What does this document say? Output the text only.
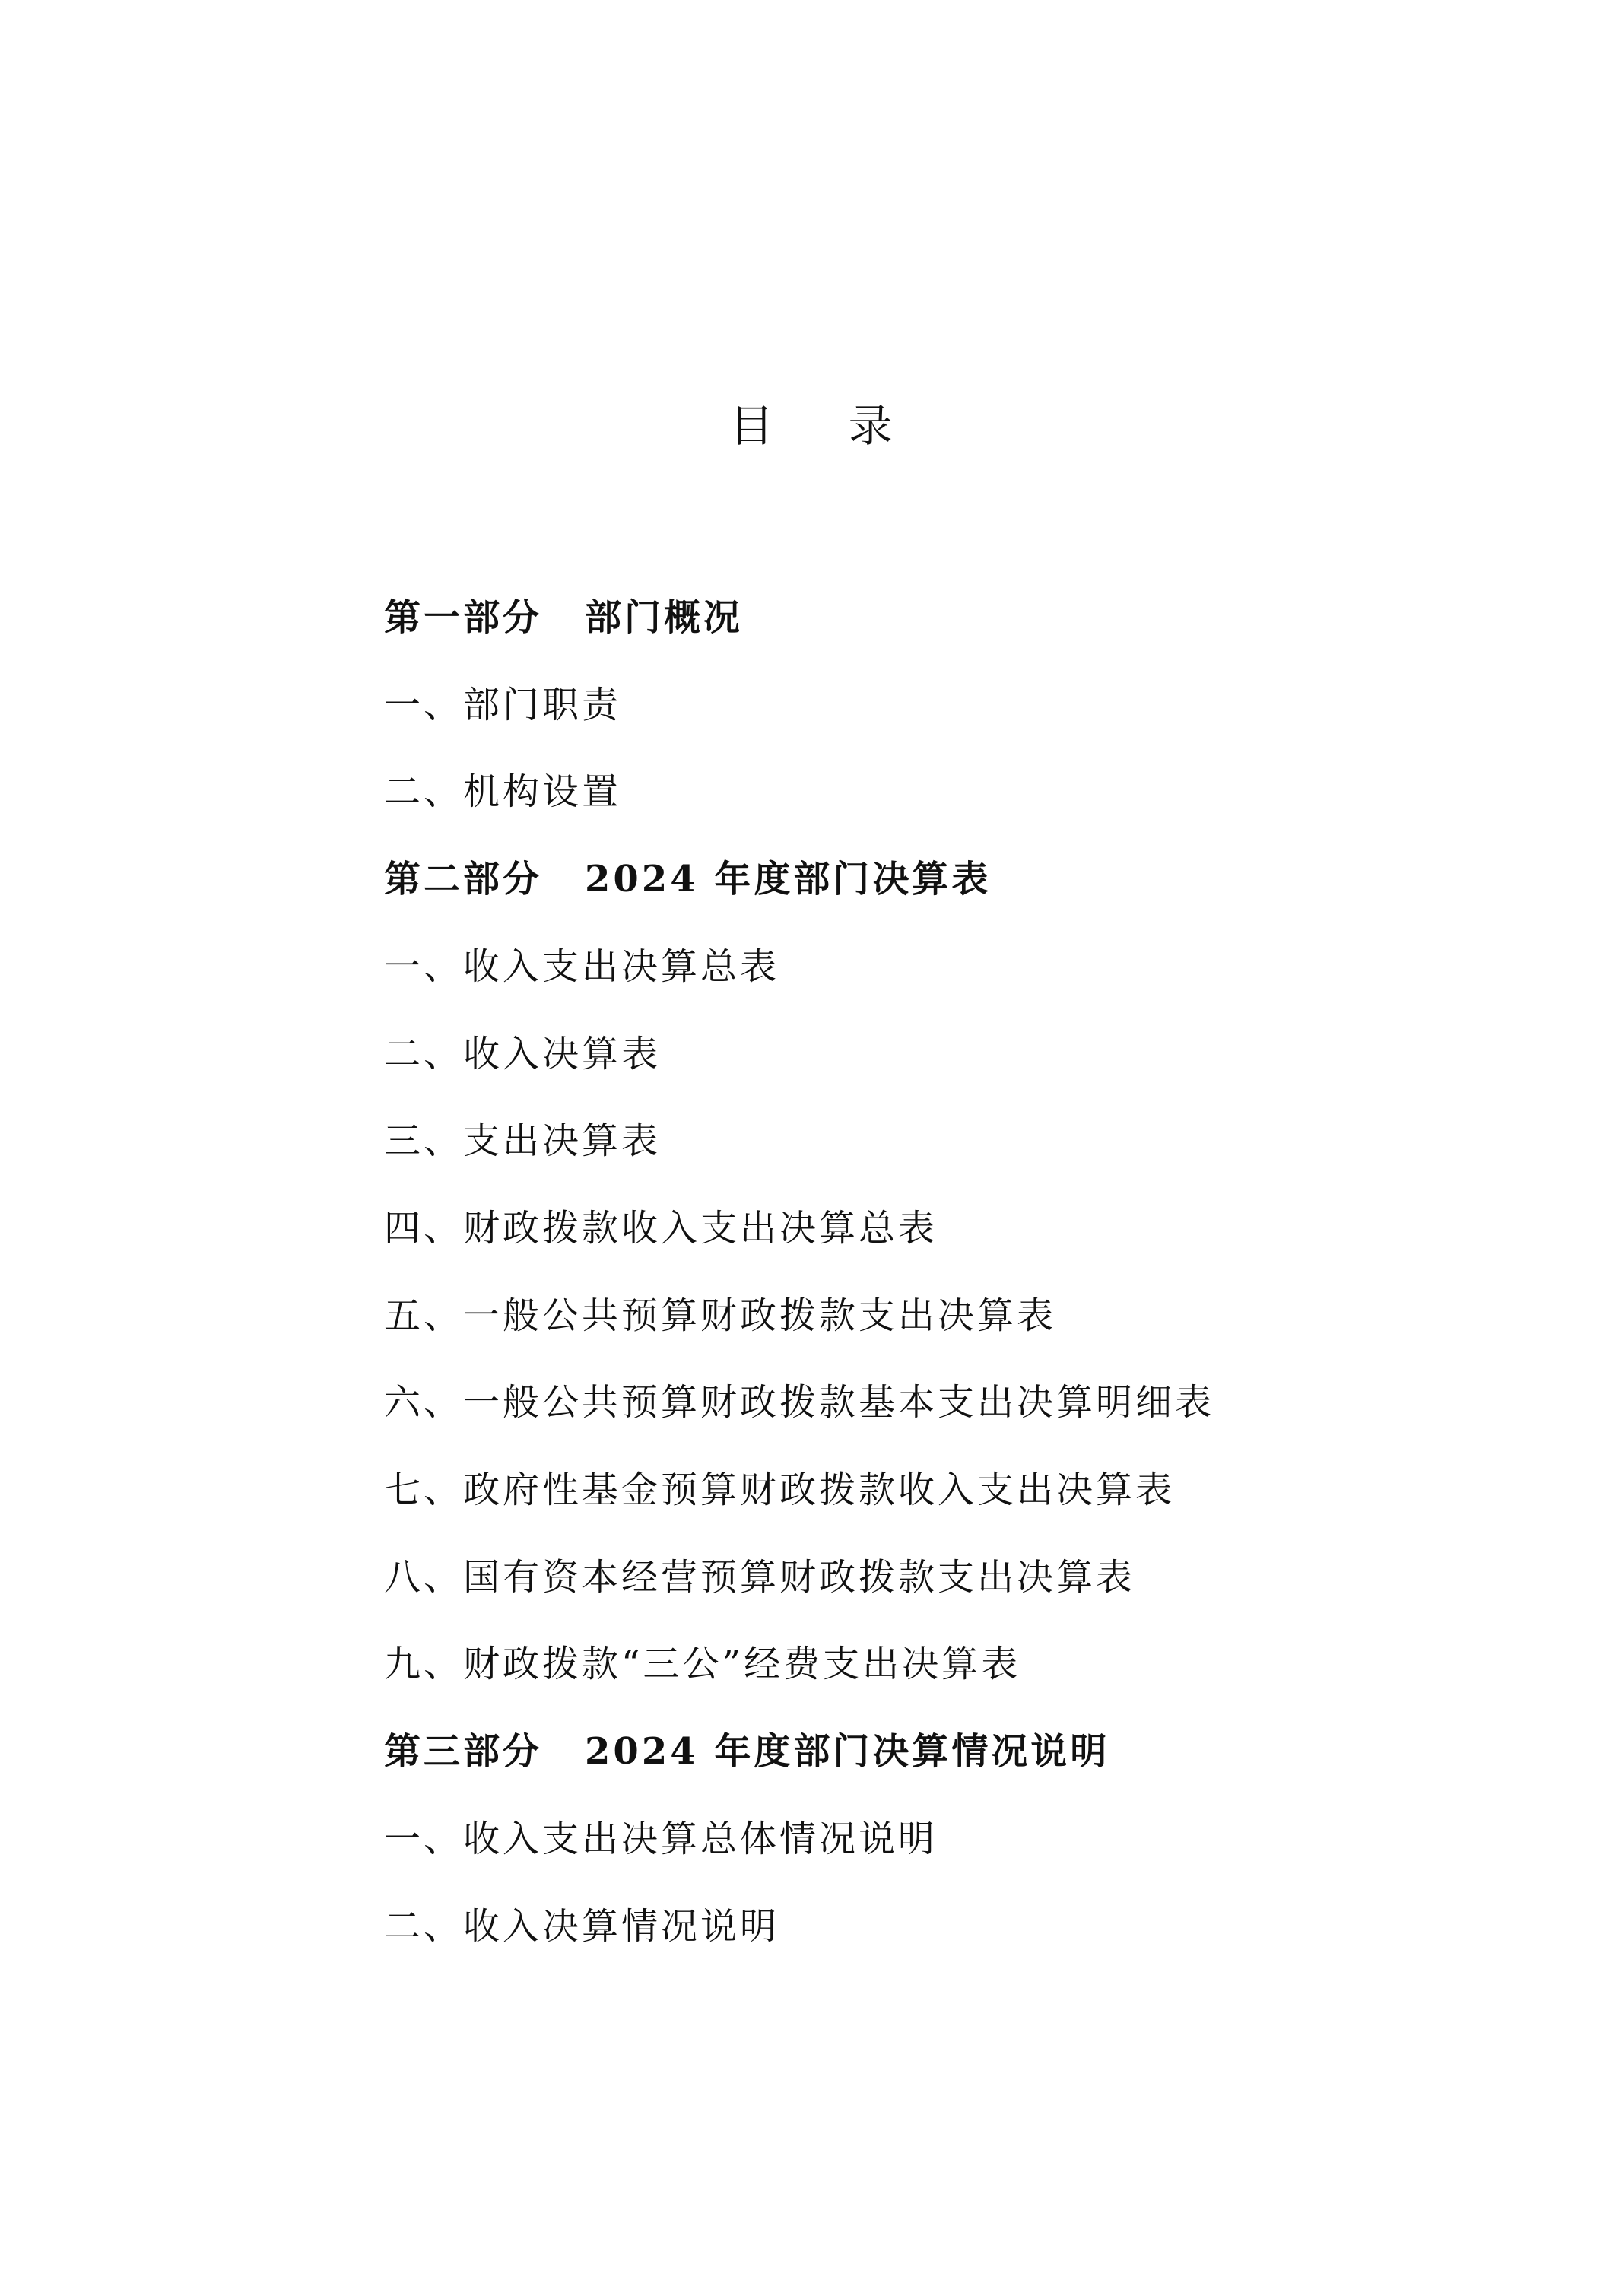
目 录
第一部分 部门概况
一、部门职责
二、机构设置
第二部分 2024 年度部门决算表
一、收入支出决算总表
二、收入决算表
三、支出决算表
四、财政拨款收入支出决算总表
五、一般公共预算财政拨款支出决算表
六、一般公共预算财政拨款基本支出决算明细表
七、政府性基金预算财政拨款收入支出决算表
八、国有资本经营预算财政拨款支出决算表
九、财政拨款“三公”经费支出决算表
第三部分 2024 年度部门决算情况说明
一、收入支出决算总体情况说明
二、收入决算情况说明
